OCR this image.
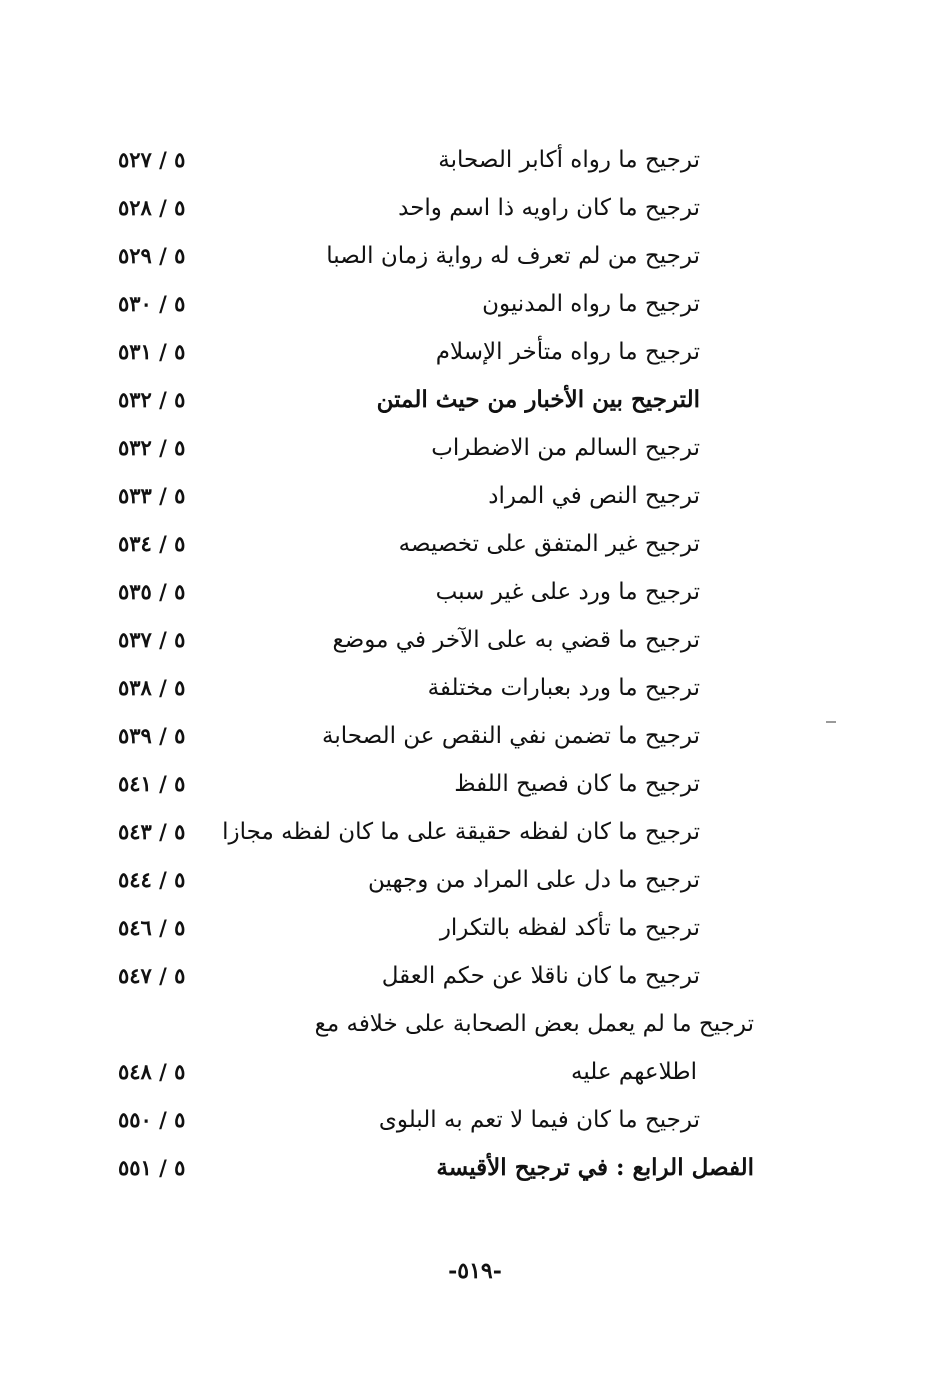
ترجيح ما رواه أكابر الصحابة
٥ / ٥٢٧
ترجيح ما كان راويه ذا اسم واحد
٥ / ٥٢٨
ترجيح من لم تعرف له رواية زمان الصبا
٥ / ٥٢٩
ترجيح ما رواه المدنيون
٥ / ٥٣٠
ترجيح ما رواه متأخر الإسلام
٥ / ٥٣١
الترجيح بين الأخبار من حيث المتن
٥ / ٥٣٢
ترجيح السالم من الاضطراب
٥ / ٥٣٢
ترجيح النص في المراد
٥ / ٥٣٣
ترجيح غير المتفق على تخصيصه
٥ / ٥٣٤
ترجيح ما ورد على غير سبب
٥ / ٥٣٥
ترجيح ما قضي به على الآخر في موضع
٥ / ٥٣٧
ترجيح ما ورد بعبارات مختلفة
٥ / ٥٣٨
ترجيح ما تضمن نفي النقص عن الصحابة
٥ / ٥٣٩
ترجيح ما كان فصيح اللفظ
٥ / ٥٤١
ترجيح ما كان لفظه حقيقة على ما كان لفظه مجازا
٥ / ٥٤٣
ترجيح ما دل على المراد من وجهين
٥ / ٥٤٤
ترجيح ما تأكد لفظه بالتكرار
٥ / ٥٤٦
ترجيح ما كان ناقلا عن حكم العقل
٥ / ٥٤٧
ترجيح ما لم يعمل بعض الصحابة على خلافه مع
اطلاعهم عليه
٥ / ٥٤٨
ترجيح ما كان فيما لا تعم به البلوى
٥ / ٥٥٠
الفصل الرابع : في ترجيح الأقيسة
٥ / ٥٥١
-٥١٩-
